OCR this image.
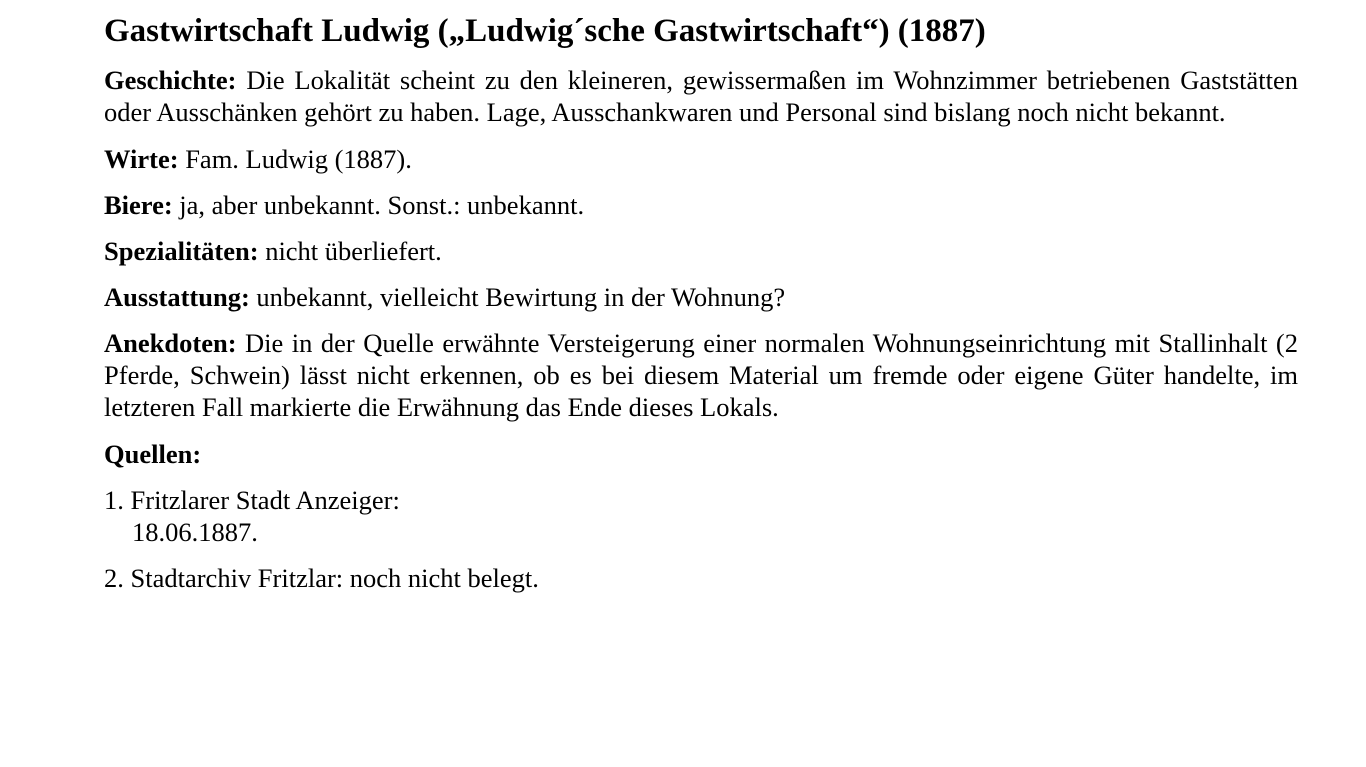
Gastwirtschaft Ludwig („Ludwig´sche Gastwirtschaft“) (1887)

Geschichte: Die Lokalität scheint zu den kleineren, gewissermaßen im Wohnzimmer betriebenen Gaststätten oder Ausschänken gehört zu haben. Lage, Ausschankwaren und Personal sind bislang noch nicht bekannt.

Wirte: Fam. Ludwig (1887).

Biere: ja, aber unbekannt. Sonst.: unbekannt.

Spezialitäten: nicht überliefert.

Ausstattung: unbekannt, vielleicht Bewirtung in der Wohnung?

Anekdoten: Die in der Quelle erwähnte Versteigerung einer normalen Wohnungseinrichtung mit Stallinhalt (2 Pferde, Schwein) lässt nicht erkennen, ob es bei diesem Material um fremde oder eigene Güter handelte, im letzteren Fall markierte die Erwähnung das Ende dieses Lokals.

Quellen:
1. Fritzlarer Stadt Anzeiger:
18.06.1887.
2. Stadtarchiv Fritzlar: noch nicht belegt.
